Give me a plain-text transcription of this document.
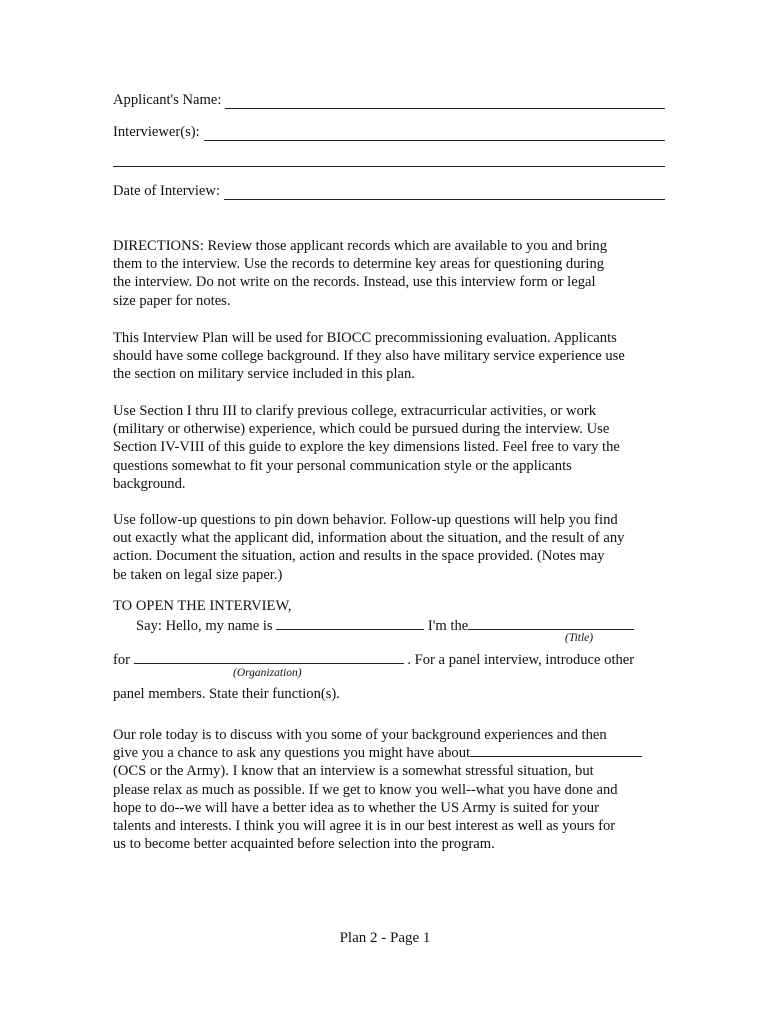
Applicant's Name:
Interviewer(s):
Date of Interview:

DIRECTIONS: Review those applicant records which are available to you and bring

them to the interview. Use the records to determine key areas for questioning during

the interview. Do not write on the records. Instead, use this interview form or legal

size paper for notes.

This Interview Plan will be used for BIOCC precommissioning evaluation. Applicants

should have some college background. If they also have military service experience use

the section on military service included in this plan.

Use Section I thru III to clarify previous college, extracurricular activities, or work

(military or otherwise) experience, which could be pursued during the interview. Use

Section IV-VIII of this guide to explore the key dimensions listed. Feel free to vary the

questions somewhat to fit your personal communication style or the applicants

background.

Use follow-up questions to pin down behavior. Follow-up questions will help you find

out exactly what the applicant did, information about the situation, and the result of any

action. Document the situation, action and results in the space provided. (Notes may

be taken on legal size paper.)

TO OPEN THE INTERVIEW,
Say: Hello, my name is	I'm the
(Title)
for	. For a panel interview, introduce other
(Organization)
panel members. State their function(s).

Our role today is to discuss with you some of your background experiences and then

give you a chance to ask any questions you might have about

(OCS or the Army). I know that an interview is a somewhat stressful situation, but

please relax as much as possible. If we get to know you well--what you have done and

hope to do--we will have a better idea as to whether the US Army is suited for your

talents and interests. I think you will agree it is in our best interest as well as yours for

us to become better acquainted before selection into the program.

Plan 2 - Page 1
